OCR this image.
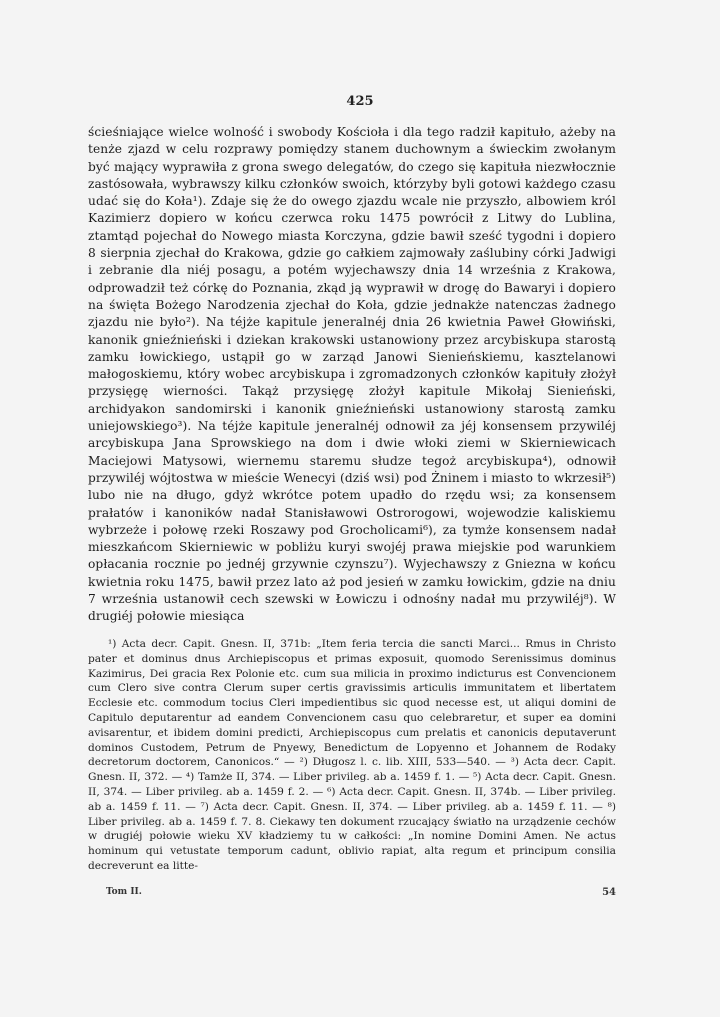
425

ścieśniające wielce wolność i swobody Kościoła i dla tego radził kapituło, ażeby na tenże zjazd w celu rozprawy pomiędzy stanem duchownym a świeckim zwołanym być mający wyprawiła z grona swego delegatów, do czego się kapituła niezwłocznie zastósowała, wybrawszy kilku członków swoich, którzyby byli gotowi każdego czasu udać się do Koła¹). Zdaje się że do owego zjazdu wcale nie przyszło, albowiem król Kazimierz dopiero w końcu czerwca roku 1475 powrócił z Litwy do Lublina, ztamtąd pojechał do Nowego miasta Korczyna, gdzie bawił sześć tygodni i dopiero 8 sierpnia zjechał do Krakowa, gdzie go całkiem zajmowały zaślubiny córki Jadwigi i zebranie dla niéj posagu, a potém wyjechawszy dnia 14 września z Krakowa, odprowadził też córkę do Poznania, zkąd ją wyprawił w drogę do Bawaryi i dopiero na święta Bożego Narodzenia zjechał do Koła, gdzie jednakże natenczas żadnego zjazdu nie było²). Na téjże kapitule jeneralnéj dnia 26 kwietnia Paweł Głowiński, kanonik gnieźnieński i dziekan krakowski ustanowiony przez arcybiskupa starostą zamku łowickiego, ustąpił go w zarząd Janowi Sienieńskiemu, kasztelanowi małogoskiemu, który wobec arcybiskupa i zgromadzonych członków kapituły złożył przysięgę wierności. Takąż przysięgę złożył kapitule Mikołaj Sienieński, archidyakon sandomirski i kanonik gnieźnieński ustanowiony starostą zamku uniejowskiego³). Na téjże kapitule jeneralnéj odnowił za jéj konsensem przywiléj arcybiskupa Jana Sprowskiego na dom i dwie włoki ziemi w Skierniewicach Maciejowi Matysowi, wiernemu staremu słudze tegoż arcybiskupa⁴), odnowił przywiléj wójtostwa w mieście Wenecyi (dziś wsi) pod Żninem i miasto to wkrzesił⁵) lubo nie na długo, gdyż wkrótce potem upadło do rzędu wsi; za konsensem prałatów i kanoników nadał Stanisławowi Ostrorogowi, wojewodzie kaliskiemu wybrzeże i połowę rzeki Roszawy pod Grocholicami⁶), za tymże konsensem nadał mieszkańcom Skierniewic w pobliżu kuryi swojéj prawa miejskie pod warunkiem opłacania rocznie po jednéj grzywnie czynszu⁷). Wyjechawszy z Gniezna w końcu kwietnia roku 1475, bawił przez lato aż pod jesień w zamku łowickim, gdzie na dniu 7 września ustanowił cech szewski w Łowiczu i odnośny nadał mu przywiléj⁸). W drugiéj połowie miesiąca

¹) Acta decr. Capit. Gnesn. II, 371b: „Item feria tercia die sancti Marci... Rmus in Christo pater et dominus dnus Archiepiscopus et primas exposuit, quomodo Serenissimus dominus Kazimirus, Dei gracia Rex Polonie etc. cum sua milicia in proximo indicturus est Convencionem cum Clero sive contra Clerum super certis gravissimis articulis immunitatem et libertatem Ecclesie etc. commodum tocius Cleri impedientibus sic quod necesse est, ut aliqui domini de Capitulo deputarentur ad eandem Convencionem casu quo celebraretur, et super ea domini avisarentur, et ibidem domini predicti, Archiepiscopus cum prelatis et canonicis deputaverunt dominos Custodem, Petrum de Pnyewy, Benedictum de Lopyenno et Johannem de Rodaky decretorum doctorem, Canonicos.“ — ²) Długosz l. c. lib. XIII, 533—540. — ³) Acta decr. Capit. Gnesn. II, 372. — ⁴) Tamże II, 374. — Liber privileg. ab a. 1459 f. 1. — ⁵) Acta decr. Capit. Gnesn. II, 374. — Liber privileg. ab a. 1459 f. 2. — ⁶) Acta decr. Capit. Gnesn. II, 374b. — Liber privileg. ab a. 1459 f. 11. — ⁷) Acta decr. Capit. Gnesn. II, 374. — Liber privileg. ab a. 1459 f. 11. — ⁸) Liber privileg. ab a. 1459 f. 7. 8. Ciekawy ten dokument rzucający światło na urządzenie cechów w drugiéj połowie wieku XV kładziemy tu w całkości: „In nomine Domini Amen. Ne actus hominum qui vetustate temporum cadunt, oblivio rapiat, alta regum et principum consilia decreverunt ea litte-

Tom II.	54
